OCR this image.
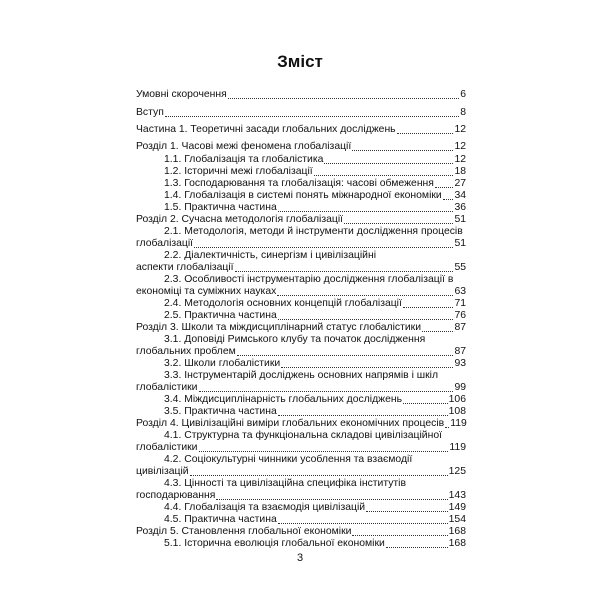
Зміст
Умовні скорочення	6
Вступ	8
Частина 1. Теоретичні засади глобальних досліджень	12
Розділ 1. Часові межі феномена глобалізації	12
1.1. Глобалізація та глобалістика	12
1.2. Історичні межі глобалізації	18
1.3. Господарювання та глобалізація: часові обмеження 27
1.4. Глобалізація в системі понять міжнародної економіки 34
1.5. Практична частина	36
Розділ 2. Сучасна методологія глобалізації	51
2.1. Методологія, методи й інструменти дослідження процесів
глобалізації	51
2.2. Діалектичність, синергізм і цивілізаційні
аспекти глобалізації	55
2.3. Особливості інструментарію дослідження глобалізації в
економіці та суміжних науках	63
2.4. Методологія основних концепцій глобалізації	71
2.5. Практична частина	76
Розділ 3. Школи та міждисциплінарний статус глобалістики	87
3.1. Доповіді Римського клубу та початок дослідження
глобальних проблем	87
3.2. Школи глобалістики	93
3.3. Інструментарій досліджень основних напрямів і шкіл
глобалістики	99
3.4. Міждисциплінарність глобальних досліджень	106
3.5. Практична частина	108
Розділ 4. Цивілізаційні виміри глобальних економічних процесів 119
4.1. Структурна та функціональна складові цивілізаційної
глобалістики	119
4.2. Соціокультурні чинники усоблення та взаємодії
цивілізацій	125
4.3. Цінності та цивілізаційна специфіка інститутів
господарювання	143
4.4. Глобалізація та взаємодія цивілізацій	149
4.5. Практична частина	154
Розділ 5. Становлення глобальної економіки	168
5.1. Історична еволюція глобальної економіки	168
3
